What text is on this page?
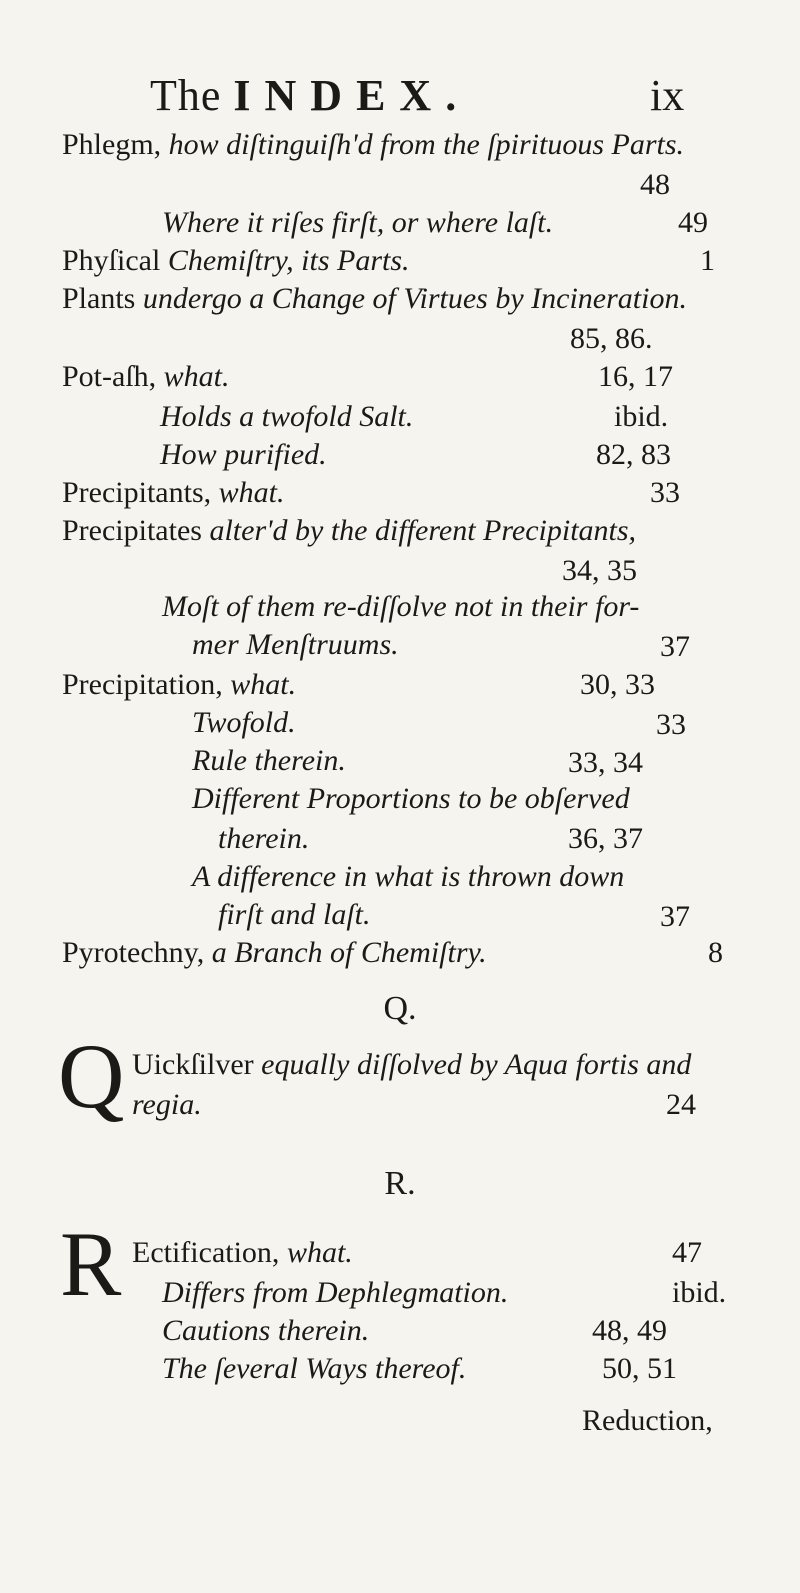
The INDEX.	ix
Phlegm, how diſtinguiſh'd from the ſpirituous Parts.
48
Where it riſes firſt, or where laſt.	49
Phyſical Chemiſtry, its Parts.	1
Plants undergo a Change of Virtues by Incineration.
85, 86.
Pot-aſh, what.	16, 17
Holds a twofold Salt.	ibid.
How purified.	82, 83
Precipitants, what.	33
Precipitates alter'd by the different Precipitants,
34, 35
Moſt of them re-diſſolve not in their for-
mer Menſtruums.	37
Precipitation, what.	30, 33
Twofold.	33
Rule therein.	33, 34
Different Proportions to be obſerved
therein.	36, 37
A difference in what is thrown down
firſt and laſt.	37
Pyrotechny, a Branch of Chemiſtry.	8
Q.
Q Uickſilver equally diſſolved by Aqua fortis and
regia.	24
R.
R Ectification, what.	47
Differs from Dephlegmation.	ibid.
Cautions therein.	48, 49
The ſeveral Ways thereof.	50, 51
Reduction,
